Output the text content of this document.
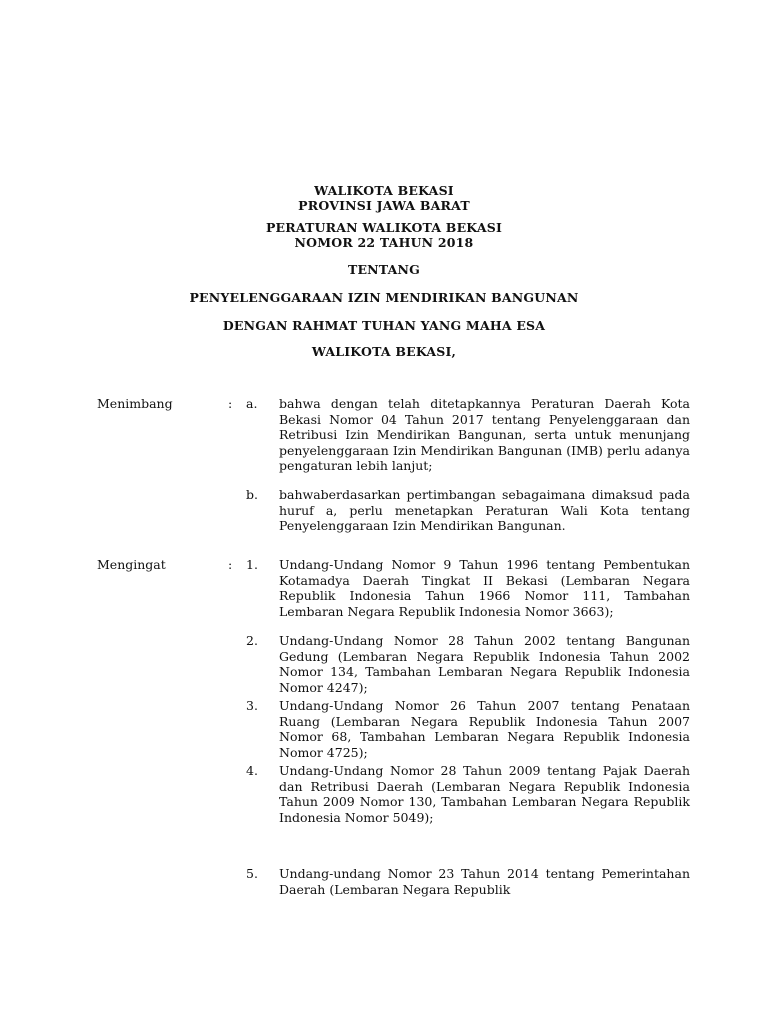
WALIKOTA BEKASI
PROVINSI JAWA BARAT
PERATURAN WALIKOTA BEKASI
NOMOR 22 TAHUN 2018
TENTANG
PENYELENGGARAAN IZIN MENDIRIKAN BANGUNAN
DENGAN RAHMAT TUHAN YANG MAHA ESA
WALIKOTA BEKASI,
Menimbang	: a. bahwa dengan telah ditetapkannya Peraturan Daerah Kota Bekasi Nomor 04 Tahun 2017 tentang Penyelenggaraan dan Retribusi Izin Mendirikan Bangunan, serta untuk menunjang penyelenggaraan Izin Mendirikan Bangunan (IMB) perlu adanya pengaturan lebih lanjut;

b. bahwaberdasarkan pertimbangan sebagaimana dimaksud pada huruf a, perlu menetapkan Peraturan Wali Kota tentang Penyelenggaraan Izin Mendirikan Bangunan.

Mengingat	: 1. Undang-Undang Nomor 9 Tahun 1996 tentang Pembentukan Kotamadya Daerah Tingkat II Bekasi (Lembaran Negara Republik Indonesia Tahun 1966 Nomor 111, Tambahan Lembaran Negara Republik Indonesia Nomor 3663);

2. Undang-Undang Nomor 28 Tahun 2002 tentang Bangunan Gedung (Lembaran Negara Republik Indonesia Tahun 2002 Nomor 134, Tambahan Lembaran Negara Republik Indonesia Nomor 4247);

3. Undang-Undang Nomor 26 Tahun 2007 tentang Penataan Ruang (Lembaran Negara Republik Indonesia Tahun 2007 Nomor 68, Tambahan Lembaran Negara Republik Indonesia Nomor 4725);

4. Undang-Undang Nomor 28 Tahun 2009 tentang Pajak Daerah dan Retribusi Daerah (Lembaran Negara Republik Indonesia Tahun 2009 Nomor 130, Tambahan Lembaran Negara Republik Indonesia Nomor 5049);

5. Undang-undang Nomor 23 Tahun 2014 tentang Pemerintahan Daerah (Lembaran Negara Republik
